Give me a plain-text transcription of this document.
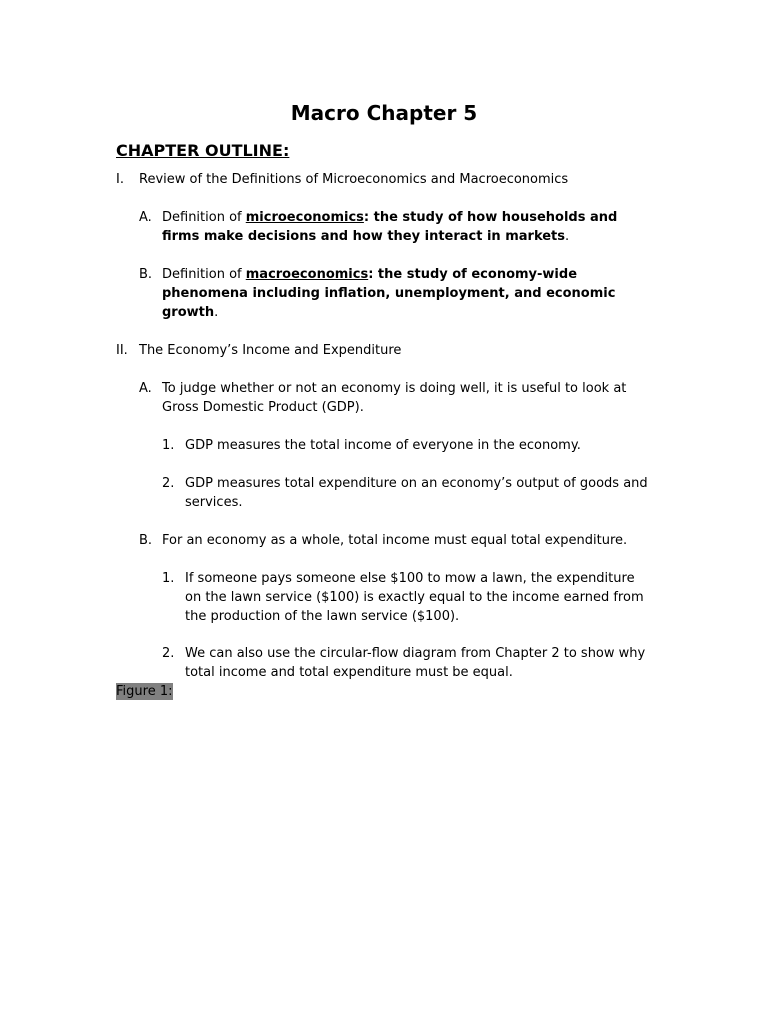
Macro Chapter 5
CHAPTER OUTLINE:
I. Review of the Definitions of Microeconomics and Macroeconomics
A. Definition of microeconomics: the study of how households and
firms make decisions and how they interact in markets.
B. Definition of macroeconomics: the study of economy-wide
phenomena including inflation, unemployment, and economic
growth.
II. The Economy’s Income and Expenditure
A. To judge whether or not an economy is doing well, it is useful to look at
Gross Domestic Product (GDP).
1. GDP measures the total income of everyone in the economy.
2. GDP measures total expenditure on an economy’s output of goods and
services.
B. For an economy as a whole, total income must equal total expenditure.
1. If someone pays someone else $100 to mow a lawn, the expenditure
on the lawn service ($100) is exactly equal to the income earned from
the production of the lawn service ($100).
2. We can also use the circular-flow diagram from Chapter 2 to show why
total income and total expenditure must be equal.
Figure 1:
